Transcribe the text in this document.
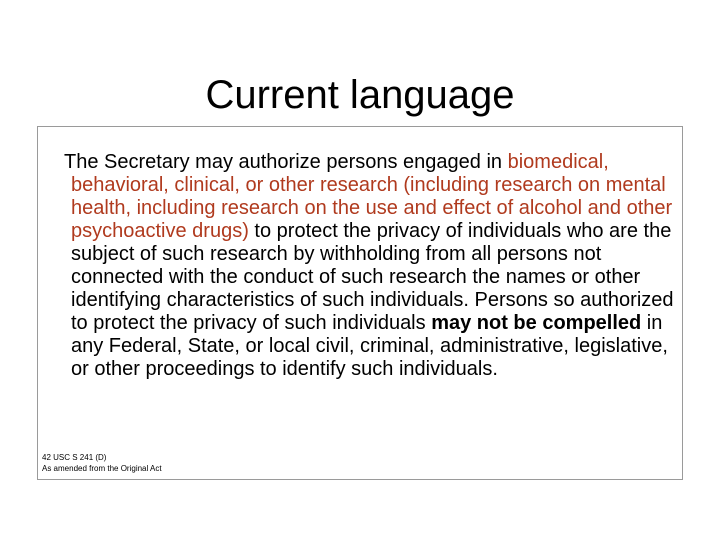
Current language

The Secretary may authorize persons engaged in biomedical, behavioral, clinical, or other research (including research on mental health, including research on the use and effect of alcohol and other psychoactive drugs) to protect the privacy of individuals who are the subject of such research by withholding from all persons not connected with the conduct of such research the names or other identifying characteristics of such individuals. Persons so authorized to protect the privacy of such individuals may not be compelled in any Federal, State, or local civil, criminal, administrative, legislative, or other proceedings to identify such individuals.

42 USC S 241 (D)
As amended from the Original Act
